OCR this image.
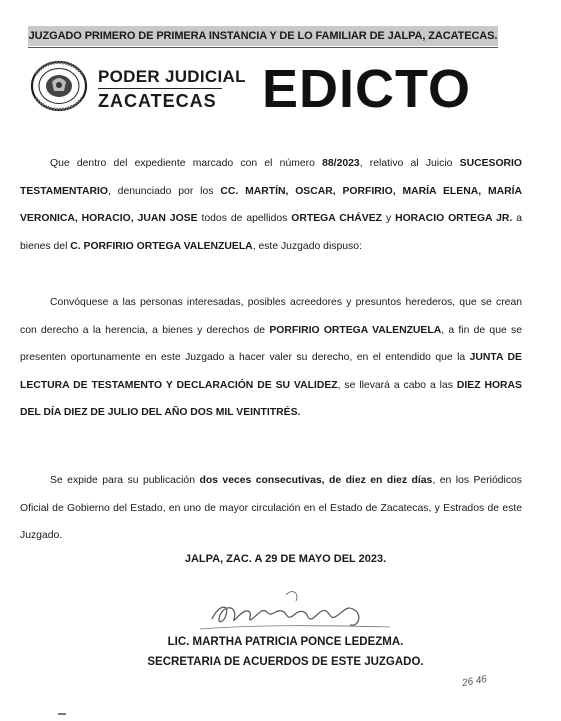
JUZGADO PRIMERO DE PRIMERA INSTANCIA Y DE LO FAMILIAR DE JALPA, ZACATECAS.
PODER JUDICIAL
ZACATECAS EDICTO
Que dentro del expediente marcado con el número 88/2023, relativo al Juicio SUCESORIO TESTAMENTARIO, denunciado por los CC. MARTÍN, OSCAR, PORFIRIO, MARÍA ELENA, MARÍA VERONICA, HORACIO, JUAN JOSE todos de apellidos ORTEGA CHÁVEZ y HORACIO ORTEGA JR. a bienes del C. PORFIRIO ORTEGA VALENZUELA, este Juzgado dispuso:
Convóquese a las personas interesadas, posibles acreedores y presuntos herederos, que se crean con derecho a la herencia, a bienes y derechos de PORFIRIO ORTEGA VALENZUELA, a fin de que se presenten oportunamente en este Juzgado a hacer valer su derecho, en el entendido que la JUNTA DE LECTURA DE TESTAMENTO Y DECLARACIÓN DE SU VALIDEZ, se llevará a cabo a las DIEZ HORAS DEL DÍA DIEZ DE JULIO DEL AÑO DOS MIL VEINTITRÉS.
Se expide para su publicación dos veces consecutivas, de diez en diez días, en los Periódicos Oficial de Gobierno del Estado, en uno de mayor circulación en el Estado de Zacatecas, y Estrados de este Juzgado.
JALPA, ZAC. A 29 DE MAYO DEL 2023.
LIC. MARTHA PATRICIA PONCE LEDEZMA.
SECRETARIA DE ACUERDOS DE ESTE JUZGADO.
26 46
